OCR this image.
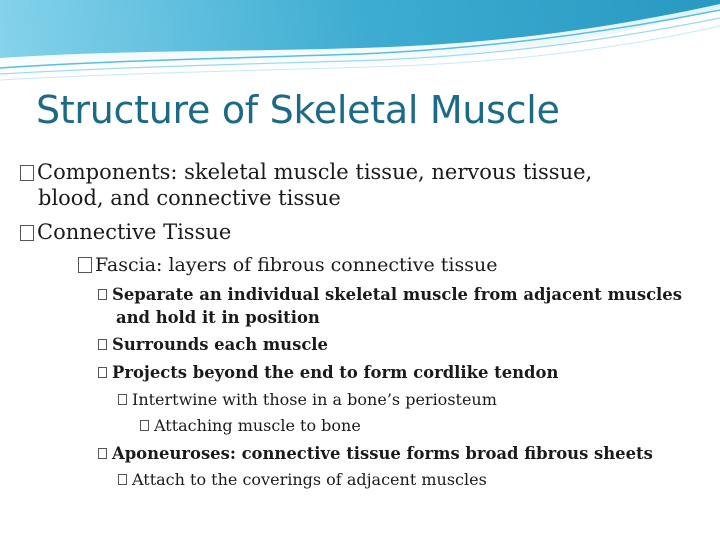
Structure of Skeletal Muscle
Components: skeletal muscle tissue, nervous tissue,
blood, and connective tissue
Connective Tissue
Fascia: layers of fibrous connective tissue
Separate an individual skeletal muscle from adjacent muscles
and hold it in position
Surrounds each muscle
Projects beyond the end to form cordlike tendon
Intertwine with those in a bone’s periosteum
Attaching muscle to bone
Aponeuroses: connective tissue forms broad fibrous sheets
Attach to the coverings of adjacent muscles
